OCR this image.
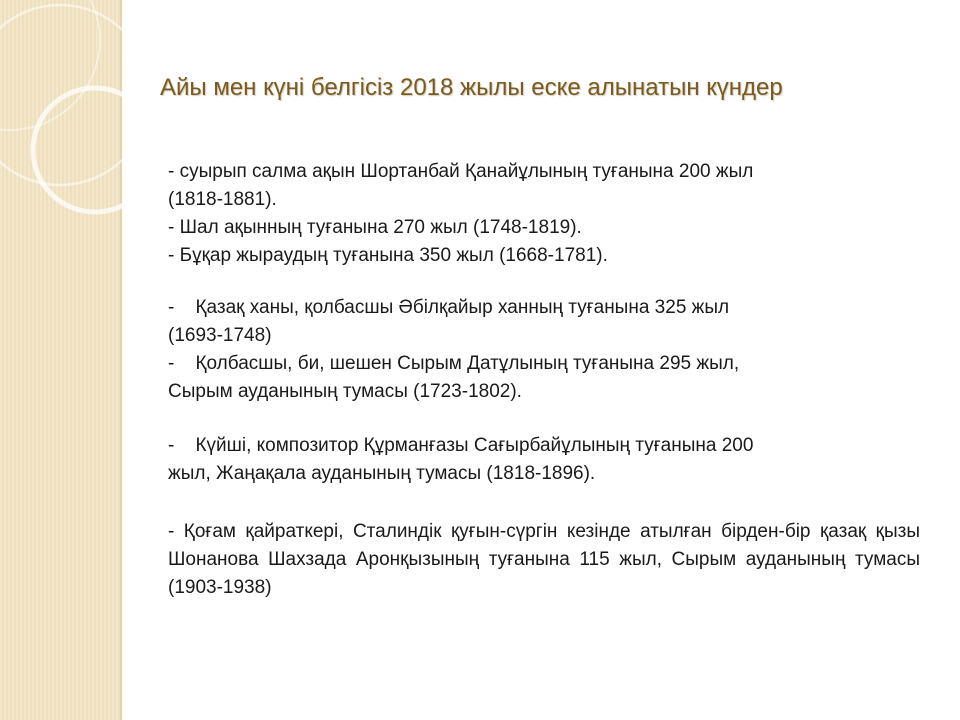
Айы мен күні белгісіз 2018 жылы еске алынатын күндер

- суырып салма ақын Шортанбай Қанайұлының туғанына 200 жыл
(1818-1881).
- Шал ақынның туғанына 270 жыл (1748-1819).
- Бұқар жыраудың туғанына 350 жыл (1668-1781).

-    Қазақ ханы, қолбасшы Әбілқайыр ханның туғанына 325 жыл
(1693-1748)
-    Қолбасшы, би, шешен Сырым Датұлының туғанына 295 жыл,
Сырым ауданының тумасы (1723-1802).

-    Күйші, композитор Құрманғазы Сағырбайұлының туғанына 200
жыл, Жаңақала ауданының тумасы (1818-1896).

- Қоғам қайраткері, Сталиндік қуғын-сүргін кезінде атылған бірден-бір қазақ қызы Шонанова Шахзада Аронқызының туғанына 115 жыл, Сырым ауданының тумасы (1903-1938)
